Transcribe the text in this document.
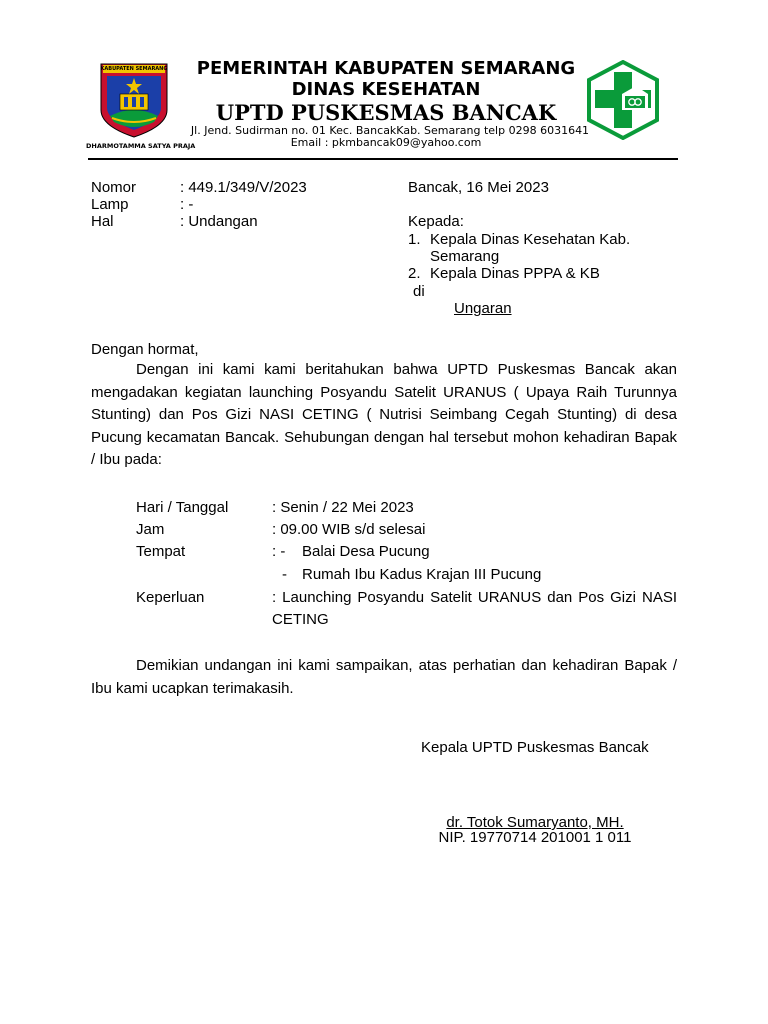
KABUPATEN SEMARANG
DHARMOTAMMA SATYA PRAJA
PEMERINTAH KABUPATEN SEMARANG
DINAS KESEHATAN
UPTD PUSKESMAS BANCAK
Jl. Jend. Sudirman no. 01 Kec. BancakKab. Semarang telp 0298 6031641
Email : pkmbancak09@yahoo.com
Nomor	: 449.1/349/V/2023
Lamp	: -
Hal	: Undangan
Bancak, 16 Mei 2023
Kepada:
1. Kepala Dinas Kesehatan Kab.
Semarang
2. Kepala Dinas PPPA & KB
di
Ungaran
Dengan hormat,
Dengan ini kami kami beritahukan bahwa UPTD Puskesmas Bancak akan
mengadakan kegiatan launching Posyandu Satelit URANUS ( Upaya Raih Turunnya
Stunting) dan Pos Gizi NASI CETING ( Nutrisi Seimbang Cegah Stunting) di desa
Pucung kecamatan Bancak. Sehubungan dengan hal tersebut mohon kehadiran Bapak
/ Ibu pada:
Hari / Tanggal	: Senin / 22 Mei 2023
Jam	: 09.00 WIB s/d selesai
Tempat	: - Balai Desa Pucung
- Rumah Ibu Kadus Krajan III Pucung
Keperluan	: Launching Posyandu Satelit URANUS dan Pos Gizi NASI
CETING
Demikian undangan ini kami sampaikan, atas perhatian dan kehadiran Bapak /
Ibu kami ucapkan terimakasih.
Kepala UPTD Puskesmas Bancak
dr. Totok Sumaryanto, MH.
NIP. 19770714 201001 1 011
